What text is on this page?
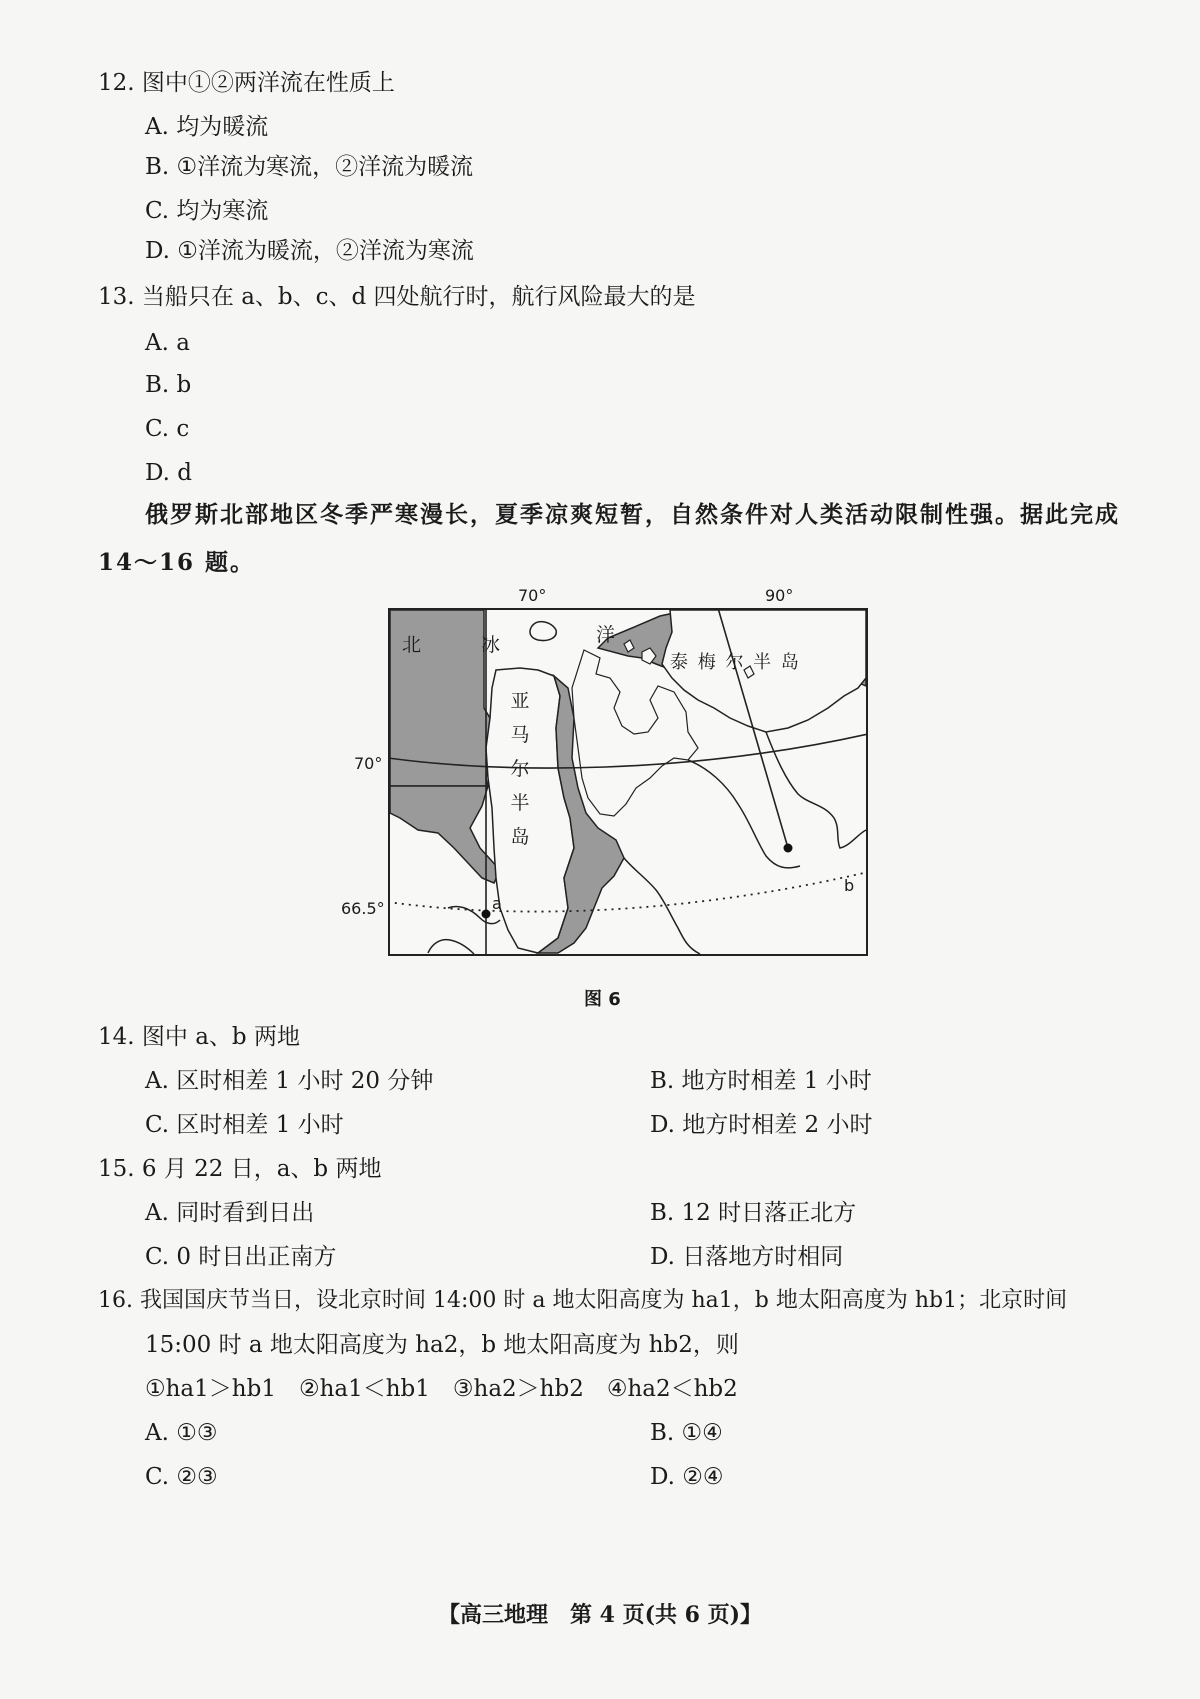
12. 图中①②两洋流在性质上
A. 均为暖流
B. ①洋流为寒流，②洋流为暖流
C. 均为寒流
D. ①洋流为暖流，②洋流为寒流
13. 当船只在 a、b、c、d 四处航行时，航行风险最大的是
A. a
B. b
C. c
D. d
俄罗斯北部地区冬季严寒漫长，夏季凉爽短暂，自然条件对人类活动限制性强。据此完成
14～16 题。
70°	90°
70°
66.5°
北冰 洋
亚
马
尔
半
岛
泰 梅 尔 半 岛
a
b
图 6
14. 图中 a、b 两地
A. 区时相差 1 小时 20 分钟	B. 地方时相差 1 小时
C. 区时相差 1 小时	D. 地方时相差 2 小时
15. 6 月 22 日，a、b 两地
A. 同时看到日出	B. 12 时日落正北方
C. 0 时日出正南方	D. 日落地方时相同
16. 我国国庆节当日，设北京时间 14:00 时 a 地太阳高度为 ha1，b 地太阳高度为 hb1；北京时间
15:00 时 a 地太阳高度为 ha2，b 地太阳高度为 hb2，则
①ha1＞hb1　②ha1＜hb1　③ha2＞hb2　④ha2＜hb2
A. ①③	B. ①④
C. ②③	D. ②④
【高三地理　第 4 页(共 6 页)】
